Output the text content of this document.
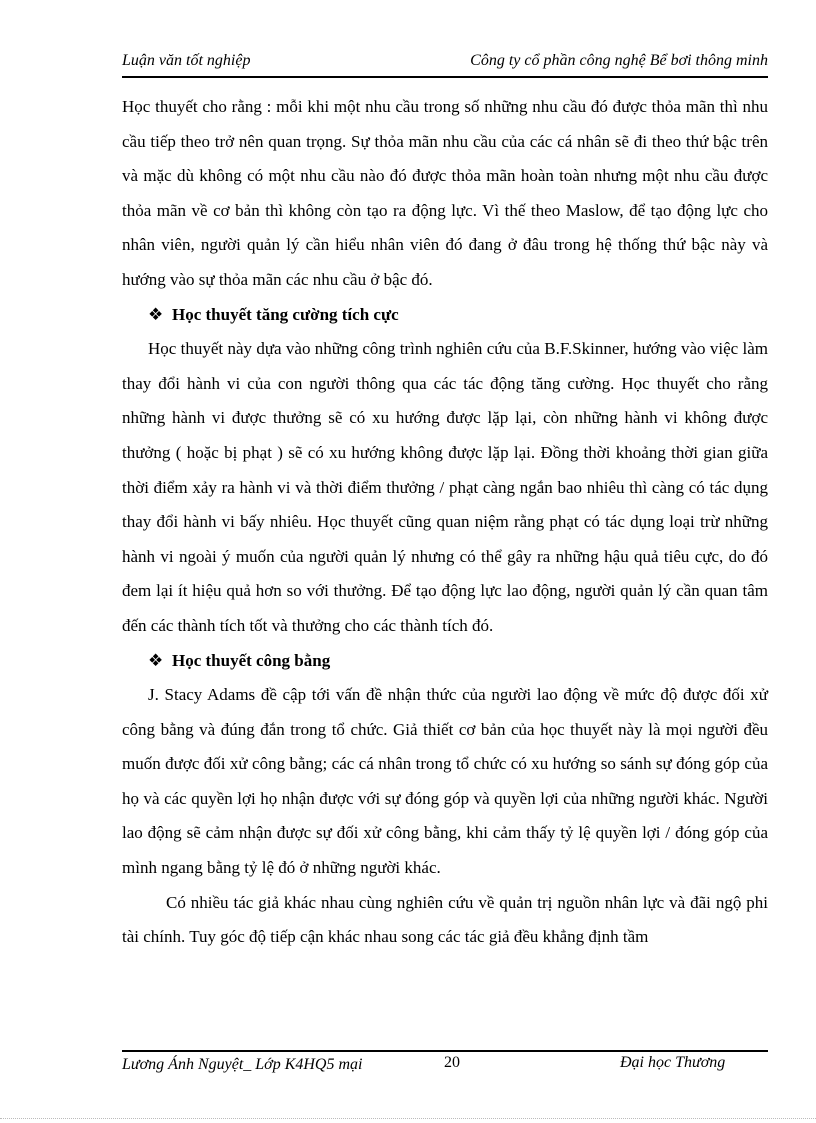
Luận văn tốt nghiệp	Công ty cổ phần công nghệ Bể bơi thông minh

Học thuyết cho rằng : mỗi khi một nhu cầu trong số những nhu cầu đó được thỏa mãn thì nhu cầu tiếp theo trở nên quan trọng. Sự thỏa mãn nhu cầu của các cá nhân sẽ đi theo thứ bậc trên và mặc dù không có một nhu cầu nào đó được thỏa mãn hoàn toàn nhưng một nhu cầu được thỏa mãn về cơ bản thì không còn tạo ra động lực. Vì thế theo Maslow, để tạo động lực cho nhân viên, người quản lý cần hiểu nhân viên đó đang ở đâu trong hệ thống thứ bậc này và hướng vào sự thỏa mãn các nhu cầu ở bậc đó.

❖ Học thuyết tăng cường tích cực

Học thuyết này dựa vào những công trình nghiên cứu của B.F.Skinner, hướng vào việc làm thay đổi hành vi của con người thông qua các tác động tăng cường. Học thuyết cho rằng những hành vi được thưởng sẽ có xu hướng được lặp lại, còn những hành vi không được thưởng ( hoặc bị phạt ) sẽ có xu hướng không được lặp lại. Đồng thời khoảng thời gian giữa thời điểm xảy ra hành vi và thời điểm thưởng / phạt càng ngắn bao nhiêu thì càng có tác dụng thay đổi hành vi bấy nhiêu. Học thuyết cũng quan niệm rằng phạt có tác dụng loại trừ những hành vi ngoài ý muốn của người quản lý nhưng có thể gây ra những hậu quả tiêu cực, do đó đem lại ít hiệu quả hơn so với thưởng. Để tạo động lực lao động, người quản lý cần quan tâm đến các thành tích tốt và thưởng cho các thành tích đó.

❖ Học thuyết công bằng

J. Stacy Adams đề cập tới vấn đề nhận thức của người lao động về mức độ được đối xử công bằng và đúng đắn trong tổ chức. Giả thiết cơ bản của học thuyết này là mọi người đều muốn được đối xử công bằng; các cá nhân trong tổ chức có xu hướng so sánh sự đóng góp của họ và các quyền lợi họ nhận được với sự đóng góp và quyền lợi của những người khác. Người lao động sẽ cảm nhận được sự đối xử công bằng, khi cảm thấy tỷ lệ quyền lợi / đóng góp của mình ngang bằng tỷ lệ đó ở những người khác.

Có nhiều tác giả khác nhau cùng nghiên cứu về quản trị nguồn nhân lực và đãi ngộ phi tài chính. Tuy góc độ tiếp cận khác nhau song các tác giả đều khẳng định tầm

Lương Ánh Nguyệt_ Lớp K4HQ5 mại	20	Đại học Thương
